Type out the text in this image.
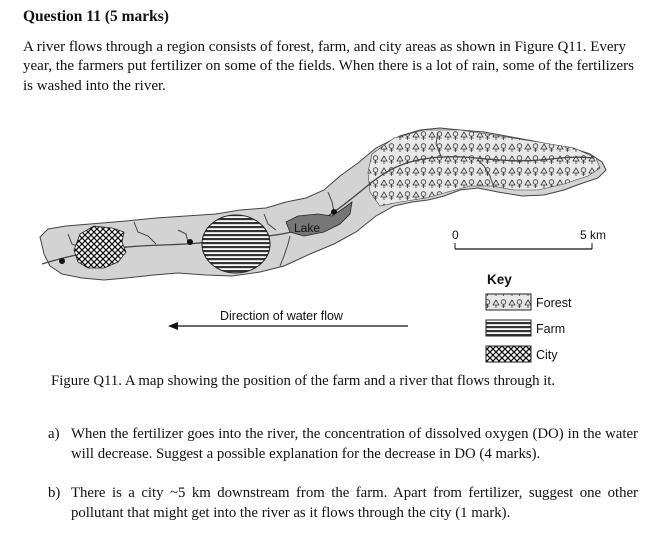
Question 11 (5 marks)
A river flows through a region consists of forest, farm, and city areas as shown in Figure Q11. Every year, the farmers put fertilizer on some of the fields. When there is a lot of rain, some of the fertilizers is washed into the river.
Lake	0	5 km
Direction of water flow
Key
Forest
Farm
City
Figure Q11. A map showing the position of the farm and a river that flows through it.
a) When the fertilizer goes into the river, the concentration of dissolved oxygen (DO) in the water will decrease. Suggest a possible explanation for the decrease in DO (4 marks).
b) There is a city ~5 km downstream from the farm. Apart from fertilizer, suggest one other pollutant that might get into the river as it flows through the city (1 mark).
